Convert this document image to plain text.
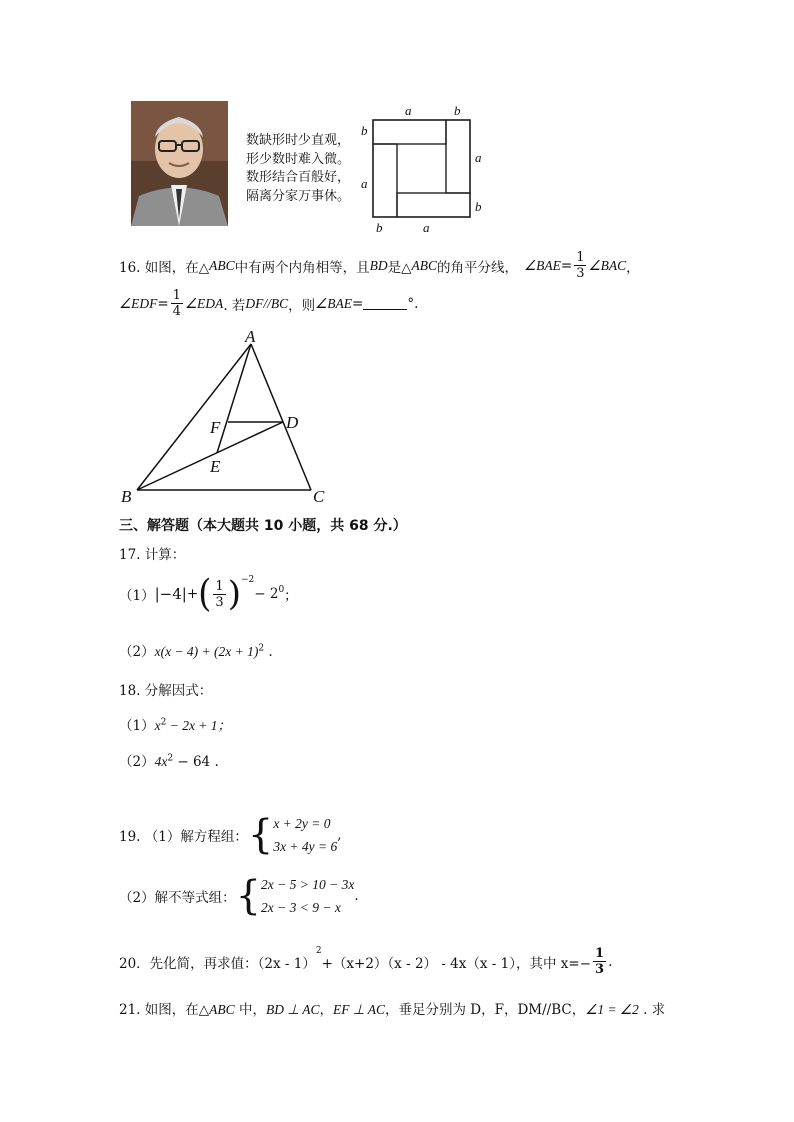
数缺形时少直观，
形少数时难入微。
数形结合百般好，
隔离分家万事休。
a	b
b
a
a
b
b	a
16. 如图，在△ ABC 中有两个内角相等，且 BD 是△ ABC 的角平分线， ∠BAE = $\frac{1}{3}$ ∠BAC ，
∠EDF = $\frac{1}{4}$ ∠EDA . 若 DF//BC ，则 ∠BAE =	°.
A
B	C
D
E
F
三、解答题（本大题共 10 小题，共 68 分.）
17. 计算：
（1） |−4| + ( $\frac{1}{3} )^{-2}$
− $2^0$ ；
$(2)x(x - 4) + (2x + 1)^2$ .
18. 分解因式：
$(1)x^2 - 2x + 1$；
$(2)4x^2 - 64$ .
19. （1）解方程组： { x + 2y = 0
3x + 4y = 6
,
（2）解不等式组： { 2x − 5 > 10 − 3x
2x − 3 < 9 − x
.
20．先化简，再求值：（2x - 1）
$^2$
+（x+2）（x - 2） - 4x（x - 1），其中 $x=- \frac{1}{3}$ .
21. 如图，在△ABC 中，BD ⊥ AC，EF ⊥ AC，垂足分别为 D，F，DM//BC，∠1 = ∠2 . 求
